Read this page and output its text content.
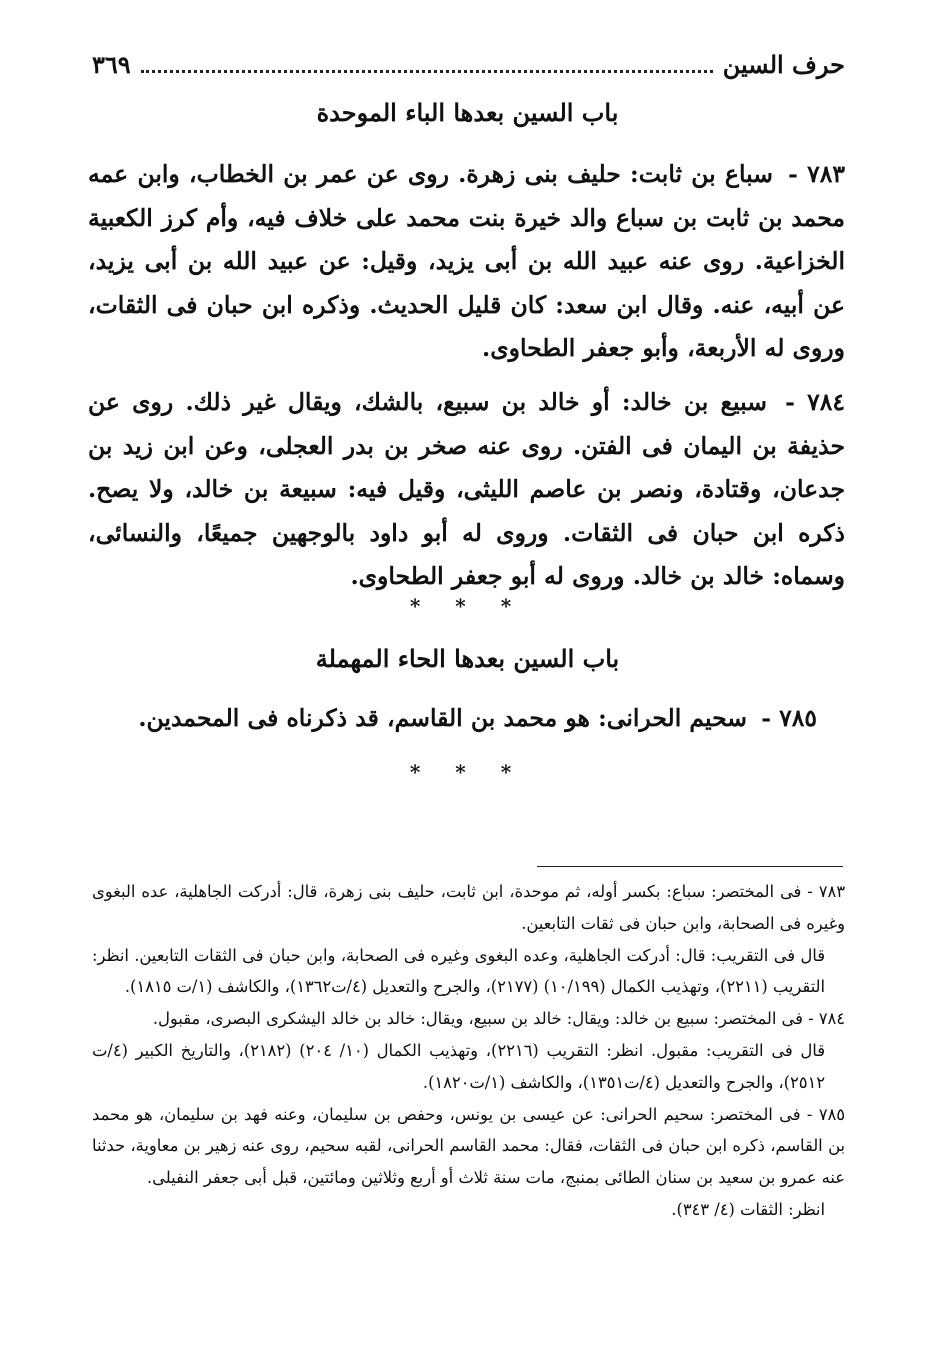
حرف السين
٣٦٩
باب السين بعدها الباء الموحدة

٧٨٣ - سباع بن ثابت: حليف بنى زهرة. روى عن عمر بن الخطاب، وابن عمه محمد بن ثابت بن سباع والد خيرة بنت محمد على خلاف فيه، وأم كرز الكعبية الخزاعية. روى عنه عبيد الله بن أبى يزيد، وقيل: عن عبيد الله بن أبى يزيد، عن أبيه، عنه. وقال ابن سعد: كان قليل الحديث. وذكره ابن حبان فى الثقات، وروى له الأربعة، وأبو جعفر الطحاوى.

٧٨٤ - سبيع بن خالد: أو خالد بن سبيع، بالشك، ويقال غير ذلك. روى عن حذيفة بن اليمان فى الفتن. روى عنه صخر بن بدر العجلى، وعن ابن زيد بن جدعان، وقتادة، ونصر بن عاصم الليثى، وقيل فيه: سبيعة بن خالد، ولا يصح. ذكره ابن حبان فى الثقات. وروى له أبو داود بالوجهين جميعًا، والنسائى، وسماه: خالد بن خالد. وروى له أبو جعفر الطحاوى.

* * *
باب السين بعدها الحاء المهملة

٧٨٥ - سحيم الحرانى: هو محمد بن القاسم، قد ذكرناه فى المحمدين.

* * *

٧٨٣ - فى المختصر: سباع: بكسر أوله، ثم موحدة، ابن ثابت، حليف بنى زهرة، قال: أدركت الجاهلية، عده البغوى وغيره فى الصحابة، وابن حبان فى ثقات التابعين.

قال فى التقريب: قال: أدركت الجاهلية، وعده البغوى وغيره فى الصحابة، وابن حبان فى الثقات التابعين. انظر: التقريب (٢٢١١)، وتهذيب الكمال (١٠/١٩٩) (٢١٧٧)، والجرح والتعديل (٤/ت١٣٦٢)، والكاشف (١/ت ١٨١٥).

٧٨٤ - فى المختصر: سبيع بن خالد: ويقال: خالد بن سبيع، ويقال: خالد بن خالد اليشكرى البصرى، مقبول.

قال فى التقريب: مقبول. انظر: التقريب (٢٢١٦)، وتهذيب الكمال (١٠/ ٢٠٤) (٢١٨٢)، والتاريخ الكبير (٤/ت ٢٥١٢)، والجرح والتعديل (٤/ت١٣٥١)، والكاشف (١/ت١٨٢٠).

٧٨٥ - فى المختصر: سحيم الحرانى: عن عيسى بن يونس، وحفص بن سليمان، وعنه فهد بن سليمان، هو محمد بن القاسم، ذكره ابن حبان فى الثقات، فقال: محمد القاسم الحرانى، لقبه سحيم، روى عنه زهير بن معاوية، حدثنا عنه عمرو بن سعيد بن سنان الطائى بمنبج، مات سنة ثلاث أو أربع وثلاثين ومائتين، قبل أبى جعفر النفيلى.

انظر: الثقات (٤/ ٣٤٣).
